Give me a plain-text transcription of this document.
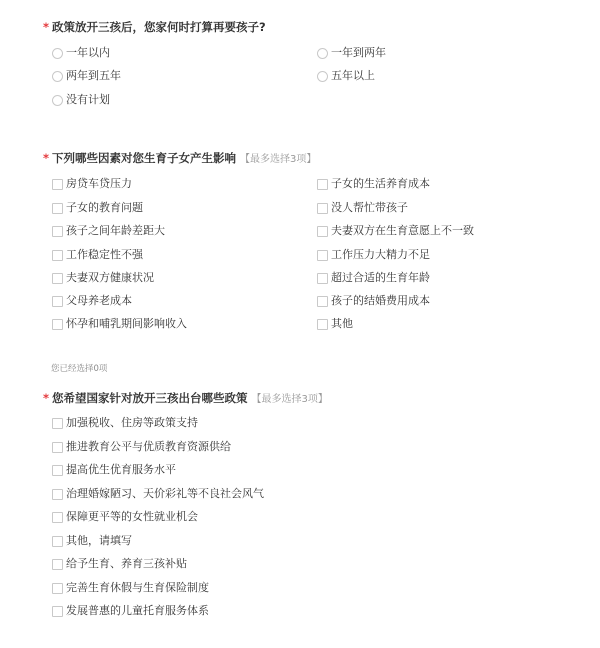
* 政策放开三孩后，您家何时打算再要孩子?
一年以内	一年到两年
两年到五年	五年以上
没有计划
* 下列哪些因素对您生育子女产生影响 【最多选择3项】
房贷车贷压力	子女的生活养育成本
子女的教育问题	没人帮忙带孩子
孩子之间年龄差距大	夫妻双方在生育意愿上不一致
工作稳定性不强	工作压力大精力不足
夫妻双方健康状况	超过合适的生育年龄
父母养老成本	孩子的结婚费用成本
怀孕和哺乳期间影响收入	其他
您已经选择0项
* 您希望国家针对放开三孩出台哪些政策 【最多选择3项】
加强税收、住房等政策支持
推进教育公平与优质教育资源供给
提高优生优育服务水平
治理婚嫁陋习、天价彩礼等不良社会风气
保障更平等的女性就业机会
其他，请填写
给予生育、养育三孩补贴
完善生育休假与生育保险制度
发展普惠的儿童托育服务体系
